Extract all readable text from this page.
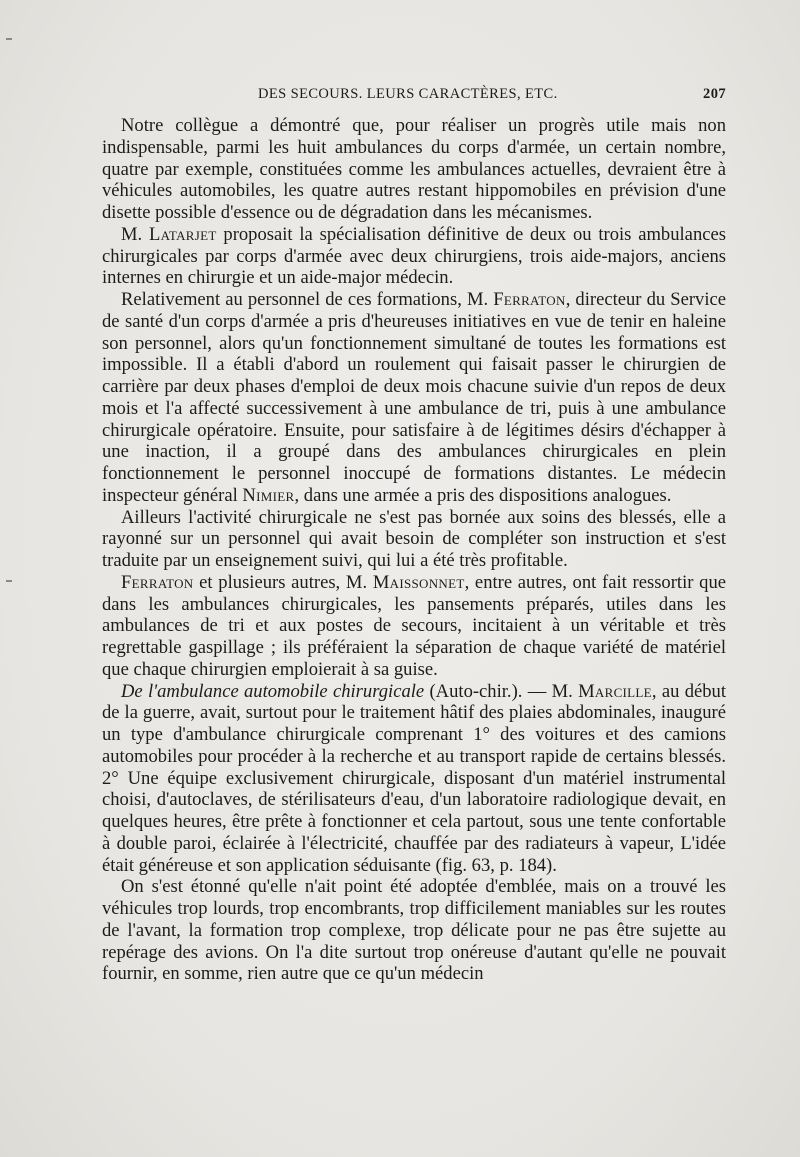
DES SECOURS. LEURS CARACTÈRES, ETC.	207

Notre collègue a démontré que, pour réaliser un progrès utile mais non indispensable, parmi les huit ambulances du corps d'armée, un certain nombre, quatre par exemple, constituées comme les ambulances actuelles, devraient être à véhicules automobiles, les quatre autres restant hippomobiles en prévision d'une disette possible d'essence ou de dégradation dans les mécanismes.

M. Latarjet proposait la spécialisation définitive de deux ou trois ambulances chirurgicales par corps d'armée avec deux chirurgiens, trois aide-majors, anciens internes en chirurgie et un aide-major médecin.

Relativement au personnel de ces formations, M. Ferraton, directeur du Service de santé d'un corps d'armée a pris d'heureuses initiatives en vue de tenir en haleine son personnel, alors qu'un fonctionnement simultané de toutes les formations est impossible. Il a établi d'abord un roulement qui faisait passer le chirurgien de carrière par deux phases d'emploi de deux mois chacune suivie d'un repos de deux mois et l'a affecté successivement à une ambulance de tri, puis à une ambulance chirurgicale opératoire. Ensuite, pour satisfaire à de légitimes désirs d'échapper à une inaction, il a groupé dans des ambulances chirurgicales en plein fonctionnement le personnel inoccupé de formations distantes. Le médecin inspecteur général Nimier, dans une armée a pris des dispositions analogues.

Ailleurs l'activité chirurgicale ne s'est pas bornée aux soins des blessés, elle a rayonné sur un personnel qui avait besoin de compléter son instruction et s'est traduite par un enseignement suivi, qui lui a été très profitable.

Ferraton et plusieurs autres, M. Maissonnet, entre autres, ont fait ressortir que dans les ambulances chirurgicales, les pansements préparés, utiles dans les ambulances de tri et aux postes de secours, incitaient à un véritable et très regrettable gaspillage ; ils préféraient la séparation de chaque variété de matériel que chaque chirurgien emploierait à sa guise.

De l'ambulance automobile chirurgicale (Auto-chir.). — M. Marcille, au début de la guerre, avait, surtout pour le traitement hâtif des plaies abdominales, inauguré un type d'ambulance chirurgicale comprenant 1° des voitures et des camions automobiles pour procéder à la recherche et au transport rapide de certains blessés. 2° Une équipe exclusivement chirurgicale, disposant d'un matériel instrumental choisi, d'autoclaves, de stérilisateurs d'eau, d'un laboratoire radiologique devait, en quelques heures, être prête à fonctionner et cela partout, sous une tente confortable à double paroi, éclairée à l'électricité, chauffée par des radiateurs à vapeur, L'idée était généreuse et son application séduisante (fig. 63, p. 184).

On s'est étonné qu'elle n'ait point été adoptée d'emblée, mais on a trouvé les véhicules trop lourds, trop encombrants, trop difficilement maniables sur les routes de l'avant, la formation trop complexe, trop délicate pour ne pas être sujette au repérage des avions. On l'a dite surtout trop onéreuse d'autant qu'elle ne pouvait fournir, en somme, rien autre que ce qu'un médecin
